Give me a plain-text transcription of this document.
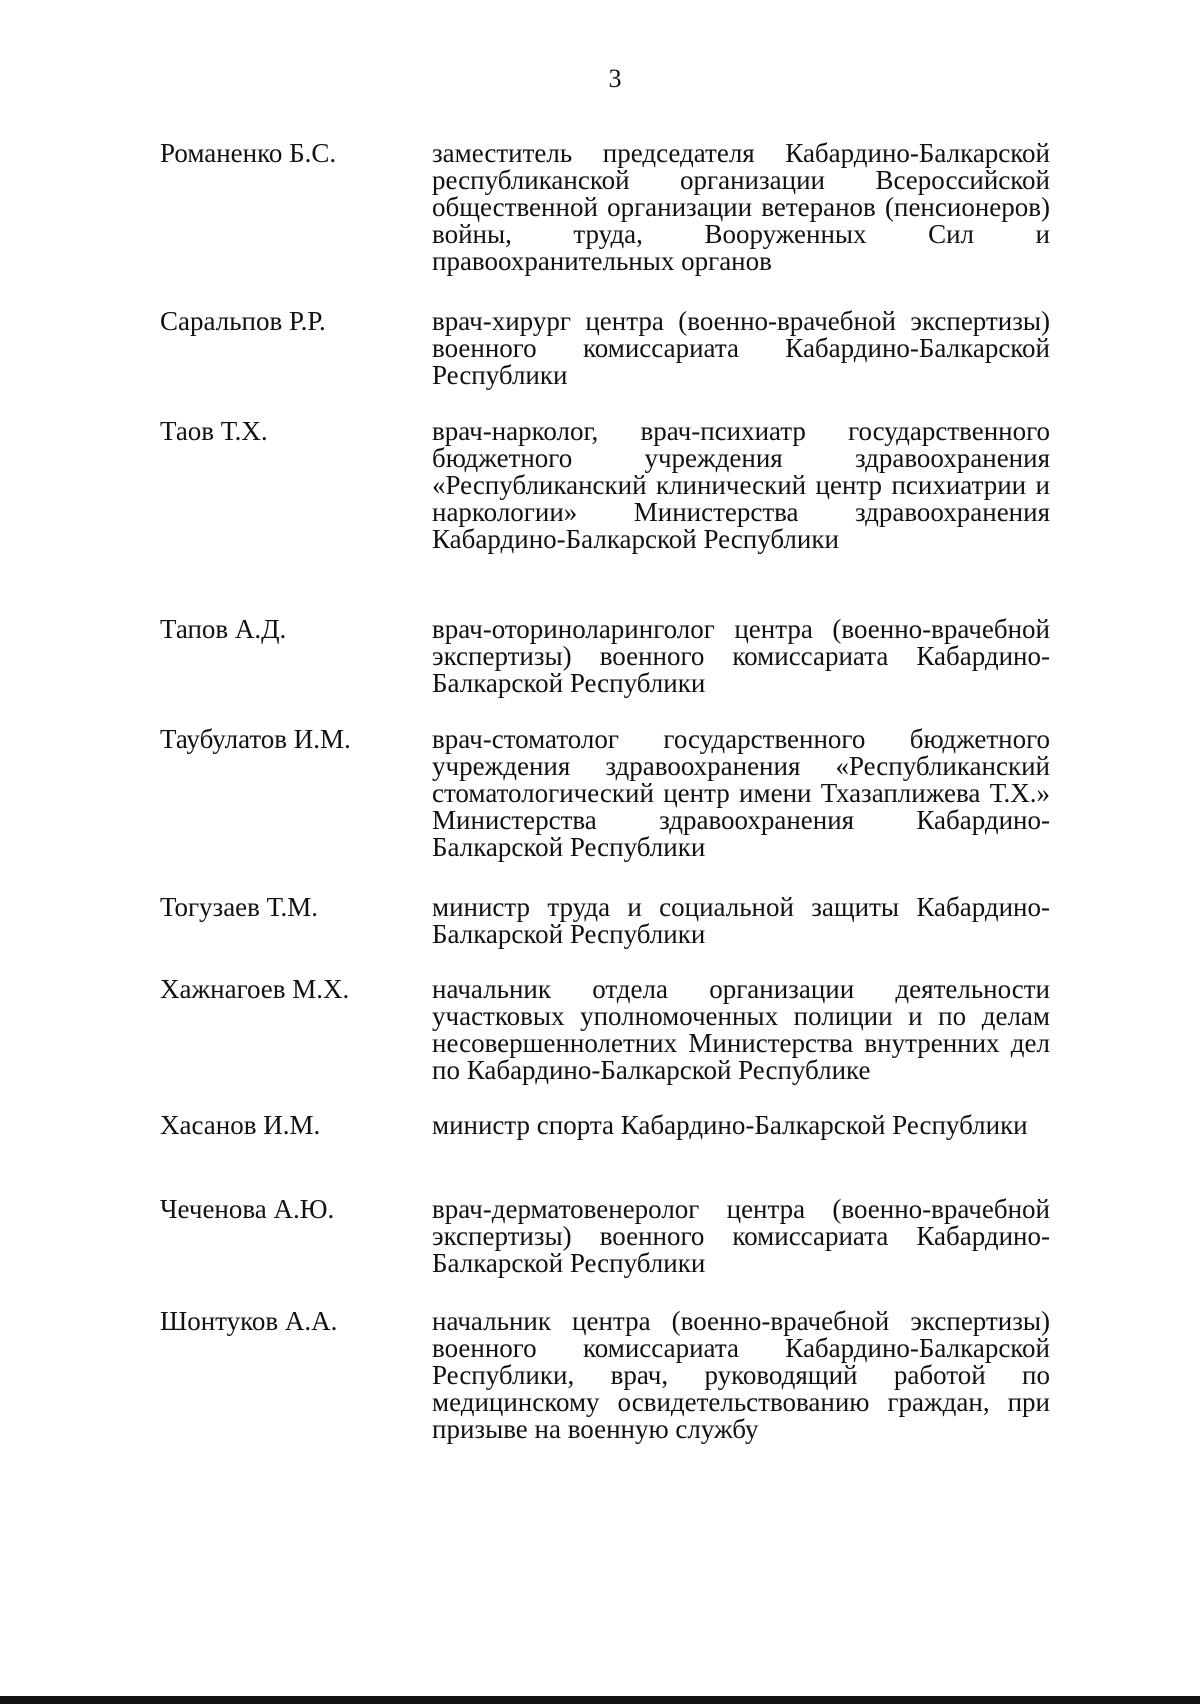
3
Романенко Б.С.	заместитель председателя Кабардино-Балкарской республиканской организации Всероссийской общественной организации ветеранов (пенсионеров) войны, труда, Вооруженных Сил и правоохранительных органов
Саральпов Р.Р.	врач-хирург центра (военно-врачебной экспертизы) военного комиссариата Кабардино-Балкарской Республики
Таов Т.Х.	врач-нарколог, врач-психиатр государственного бюджетного учреждения здравоохранения «Республиканский клинический центр психиатрии и наркологии» Министерства здравоохранения Кабардино-Балкарской Республики
Тапов А.Д.	врач-оториноларинголог центра (военно-врачебной экспертизы) военного комиссариата Кабардино-Балкарской Республики
Таубулатов И.М.	врач-стоматолог государственного бюджетного учреждения здравоохранения «Республиканский стоматологический центр имени Тхазаплижева Т.Х.» Министерства здравоохранения Кабардино-Балкарской Республики
Тогузаев Т.М.	министр труда и социальной защиты Кабардино-Балкарской Республики
Хажнагоев М.Х.	начальник отдела организации деятельности участковых уполномоченных полиции и по делам несовершеннолетних Министерства внутренних дел по Кабардино-Балкарской Республике
Хасанов И.М.	министр спорта Кабардино-Балкарской Республики
Чеченова А.Ю.	врач-дерматовенеролог центра (военно-врачебной экспертизы) военного комиссариата Кабардино-Балкарской Республики
Шонтуков А.А.	начальник центра (военно-врачебной экспертизы) военного комиссариата Кабардино-Балкарской Республики, врач, руководящий работой по медицинскому освидетельствованию граждан, при призыве на военную службу
